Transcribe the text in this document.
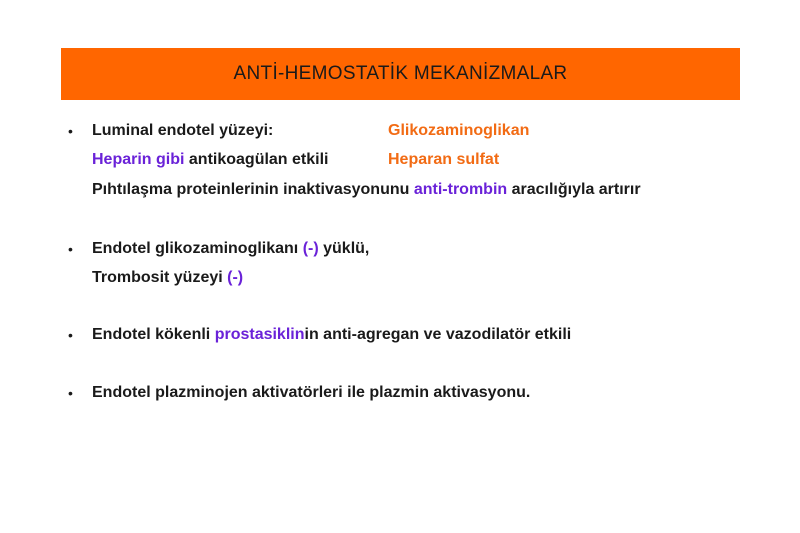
ANTİ-HEMOSTATİK MEKANİZMALAR
• Luminal endotel yüzeyi:	Glikozaminoglikan
Heparin gibi antikoagülan etkili	Heparan sulfat
Pıhtılaşma proteinlerinin inaktivasyonunu anti-trombin aracılığıyla artırır
• Endotel glikozaminoglikanı (-) yüklü,
Trombosit yüzeyi (-)
• Endotel kökenli prostasiklinin anti-agregan ve vazodilatör etkili
• Endotel plazminojen aktivatörleri ile plazmin aktivasyonu.
